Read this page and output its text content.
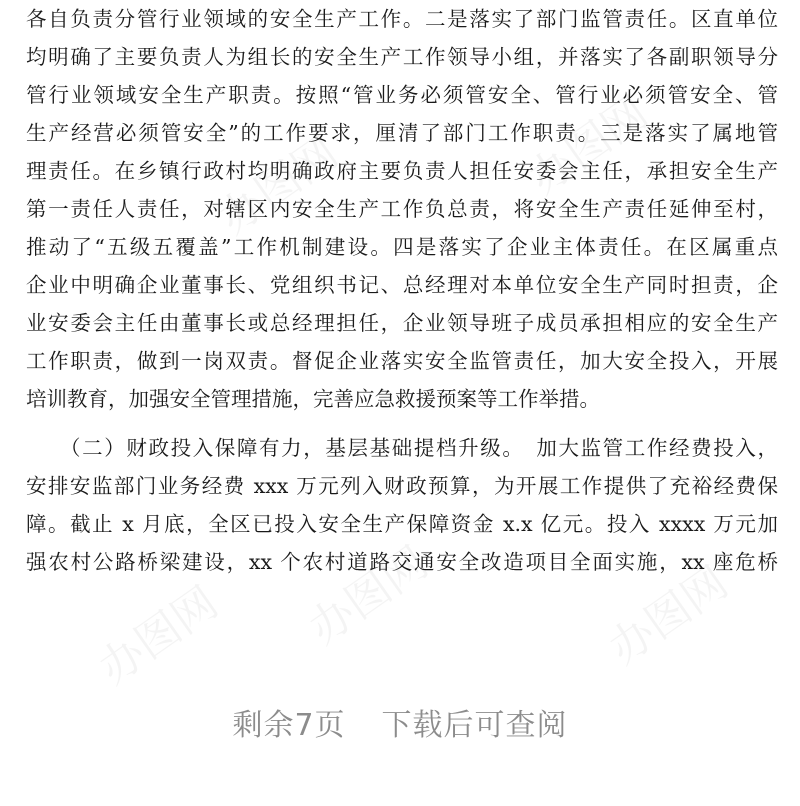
各自负责分管行业领域的安全生产工作。二是落实了部门监管责任。区直单位
均明确了主要负责人为组长的安全生产工作领导小组，并落实了各副职领导分
管行业领域安全生产职责。按照“管业务必须管安全、管行业必须管安全、管
生产经营必须管安全”的工作要求，厘清了部门工作职责。三是落实了属地管
理责任。在乡镇行政村均明确政府主要负责人担任安委会主任，承担安全生产
第一责任人责任，对辖区内安全生产工作负总责，将安全生产责任延伸至村，
推动了“五级五覆盖”工作机制建设。四是落实了企业主体责任。在区属重点
企业中明确企业董事长、党组织书记、总经理对本单位安全生产同时担责，企
业安委会主任由董事长或总经理担任，企业领导班子成员承担相应的安全生产
工作职责，做到一岗双责。督促企业落实安全监管责任，加大安全投入，开展
培训教育，加强安全管理措施，完善应急救援预案等工作举措。
　　（二）财政投入保障有力，基层基础提档升级。　加大监管工作经费投入，
安排安监部门业务经费 xxx 万元列入财政预算，为开展工作提供了充裕经费保
障。截止 x 月底，全区已投入安全生产保障资金 x.x 亿元。投入 xxxx 万元加
强农村公路桥梁建设，xx 个农村道路交通安全改造项目全面实施，xx 座危桥
剩余7页 下载后可查阅
